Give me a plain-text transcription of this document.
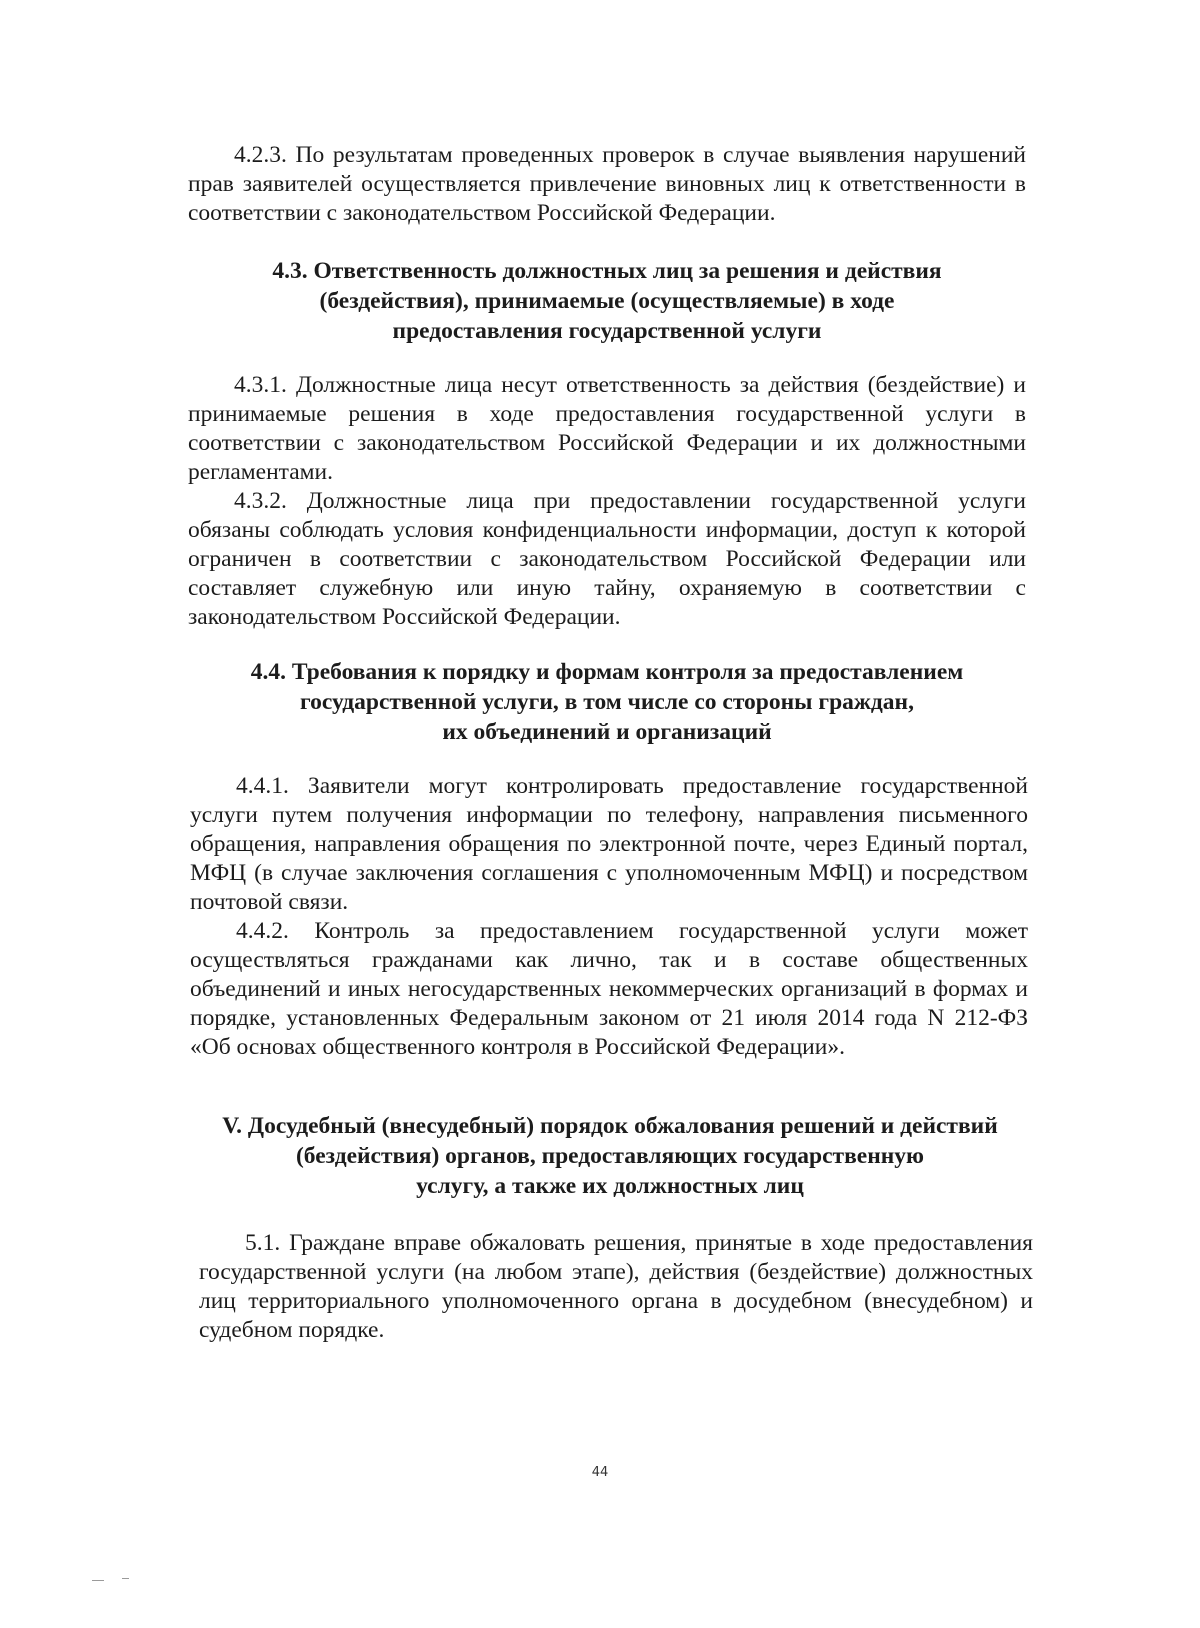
4.2.3. По результатам проведенных проверок в случае выявления нарушений прав заявителей осуществляется привлечение виновных лиц к ответственности в соответствии с законодательством Российской Федерации.

4.3. Ответственность должностных лиц за решения и действия
(бездействия), принимаемые (осуществляемые) в ходе
предоставления государственной услуги

4.3.1. Должностные лица несут ответственность за действия (бездействие) и принимаемые решения в ходе предоставления государственной услуги в соответствии с законодательством Российской Федерации и их должностными регламентами.

4.3.2. Должностные лица при предоставлении государственной услуги обязаны соблюдать условия конфиденциальности информации, доступ к которой ограничен в соответствии с законодательством Российской Федерации или составляет служебную или иную тайну, охраняемую в соответствии с законодательством Российской Федерации.

4.4. Требования к порядку и формам контроля за предоставлением
государственной услуги, в том числе со стороны граждан,
их объединений и организаций

4.4.1. Заявители могут контролировать предоставление государственной услуги путем получения информации по телефону, направления письменного обращения, направления обращения по электронной почте, через Единый портал, МФЦ (в случае заключения соглашения с уполномоченным МФЦ) и посредством почтовой связи.

4.4.2. Контроль за предоставлением государственной услуги может осуществляться гражданами как лично, так и в составе общественных объединений и иных негосударственных некоммерческих организаций в формах и порядке, установленных Федеральным законом от 21 июля 2014 года N 212-ФЗ «Об основах общественного контроля в Российской Федерации».

V. Досудебный (внесудебный) порядок обжалования решений и действий
(бездействия) органов, предоставляющих государственную
услугу, а также их должностных лиц

5.1. Граждане вправе обжаловать решения, принятые в ходе предоставления государственной услуги (на любом этапе), действия (бездействие) должностных лиц территориального уполномоченного органа в досудебном (внесудебном) и судебном порядке.

44
